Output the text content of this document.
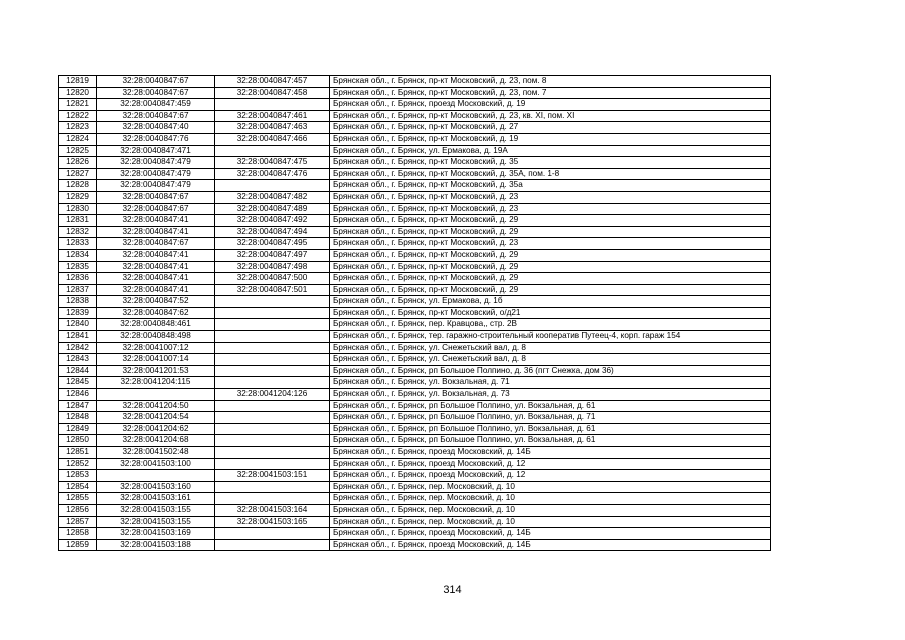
12819	32:28:0040847:67	32:28:0040847:457	Брянская обл., г. Брянск, пр-кт Московский, д. 23, пом. 8
12820	32:28:0040847:67	32:28:0040847:458	Брянская обл., г. Брянск, пр-кт Московский, д. 23, пом. 7
12821	32:28:0040847:459		Брянская обл., г. Брянск, проезд Московский, д. 19
12822	32:28:0040847:67	32:28:0040847:461	Брянская обл., г. Брянск, пр-кт Московский, д. 23, кв. XI, пом. XI
12823	32:28:0040847:40	32:28:0040847:463	Брянская обл., г. Брянск, пр-кт Московский, д. 27
12824	32:28:0040847:76	32:28:0040847:466	Брянская обл., г. Брянск, пр-кт Московский, д. 19
12825	32:28:0040847:471		Брянская обл., г. Брянск, ул. Ермакова, д. 19А
12826	32:28:0040847:479	32:28:0040847:475	Брянская обл., г. Брянск, пр-кт Московский, д. 35
12827	32:28:0040847:479	32:28:0040847:476	Брянская обл., г. Брянск, пр-кт Московский, д. 35А, пом. 1-8
12828	32:28:0040847:479		Брянская обл., г. Брянск, пр-кт Московский, д. 35а
12829	32:28:0040847:67	32:28:0040847:482	Брянская обл., г. Брянск, пр-кт Московский, д. 23
12830	32:28:0040847:67	32:28:0040847:489	Брянская обл., г. Брянск, пр-кт Московский, д. 23
12831	32:28:0040847:41	32:28:0040847:492	Брянская обл., г. Брянск, пр-кт Московский, д. 29
12832	32:28:0040847:41	32:28:0040847:494	Брянская обл., г. Брянск, пр-кт Московский, д. 29
12833	32:28:0040847:67	32:28:0040847:495	Брянская обл., г. Брянск, пр-кт Московский, д. 23
12834	32:28:0040847:41	32:28:0040847:497	Брянская обл., г. Брянск, пр-кт Московский, д. 29
12835	32:28:0040847:41	32:28:0040847:498	Брянская обл., г. Брянск, пр-кт Московский, д. 29
12836	32:28:0040847:41	32:28:0040847:500	Брянская обл., г. Брянск, пр-кт Московский, д. 29
12837	32:28:0040847:41	32:28:0040847:501	Брянская обл., г. Брянск, пр-кт Московский, д. 29
12838	32:28:0040847:52		Брянская обл., г. Брянск, ул. Ермакова, д. 1б
12839	32:28:0040847:62		Брянская обл., г. Брянск, пр-кт Московский, о/д21
12840	32:28:0040848:461		Брянская обл., г. Брянск, пер. Кравцова,, стр. 2В
12841	32:28:0040848:498		Брянская обл., г. Брянск, тер. гаражно-строительный кооператив Путеец-4, корп. гараж 154
12842	32:28:0041007:12		Брянская обл., г. Брянск, ул. Снежетьский вал, д. 8
12843	32:28:0041007:14		Брянская обл., г. Брянск, ул. Снежетьский вал, д. 8
12844	32:28:0041201:53		Брянская обл., г. Брянск, рп Большое Полпино, д. 36 (пгт Снежка, дом 36)
12845	32:28:0041204:115		Брянская обл., г. Брянск, ул. Вокзальная, д. 71
12846		32:28:0041204:126	Брянская обл., г. Брянск, ул. Вокзальная, д. 73
12847	32:28:0041204:50		Брянская обл., г. Брянск, рп Большое Полпино, ул. Вокзальная, д. 61
12848	32:28:0041204:54		Брянская обл., г. Брянск, рп Большое Полпино, ул. Вокзальная, д. 71
12849	32:28:0041204:62		Брянская обл., г. Брянск, рп Большое Полпино, ул. Вокзальная, д. 61
12850	32:28:0041204:68		Брянская обл., г. Брянск, рп Большое Полпино, ул. Вокзальная, д. 61
12851	32:28:0041502:48		Брянская обл., г. Брянск, проезд Московский, д. 14Б
12852	32:28:0041503:100		Брянская обл., г. Брянск, проезд Московский, д. 12
12853		32:28:0041503:151	Брянская обл., г. Брянск, проезд Московский, д. 12
12854	32:28:0041503:160		Брянская обл., г. Брянск, пер. Московский, д. 10
12855	32:28:0041503:161		Брянская обл., г. Брянск, пер. Московский, д. 10
12856	32:28:0041503:155	32:28:0041503:164	Брянская обл., г. Брянск, пер. Московский, д. 10
12857	32:28:0041503:155	32:28:0041503:165	Брянская обл., г. Брянск, пер. Московский, д. 10
12858	32:28:0041503:169		Брянская обл., г. Брянск, проезд Московский, д. 14Б
12859	32:28:0041503:188		Брянская обл., г. Брянск, проезд Московский, д. 14Б
314
